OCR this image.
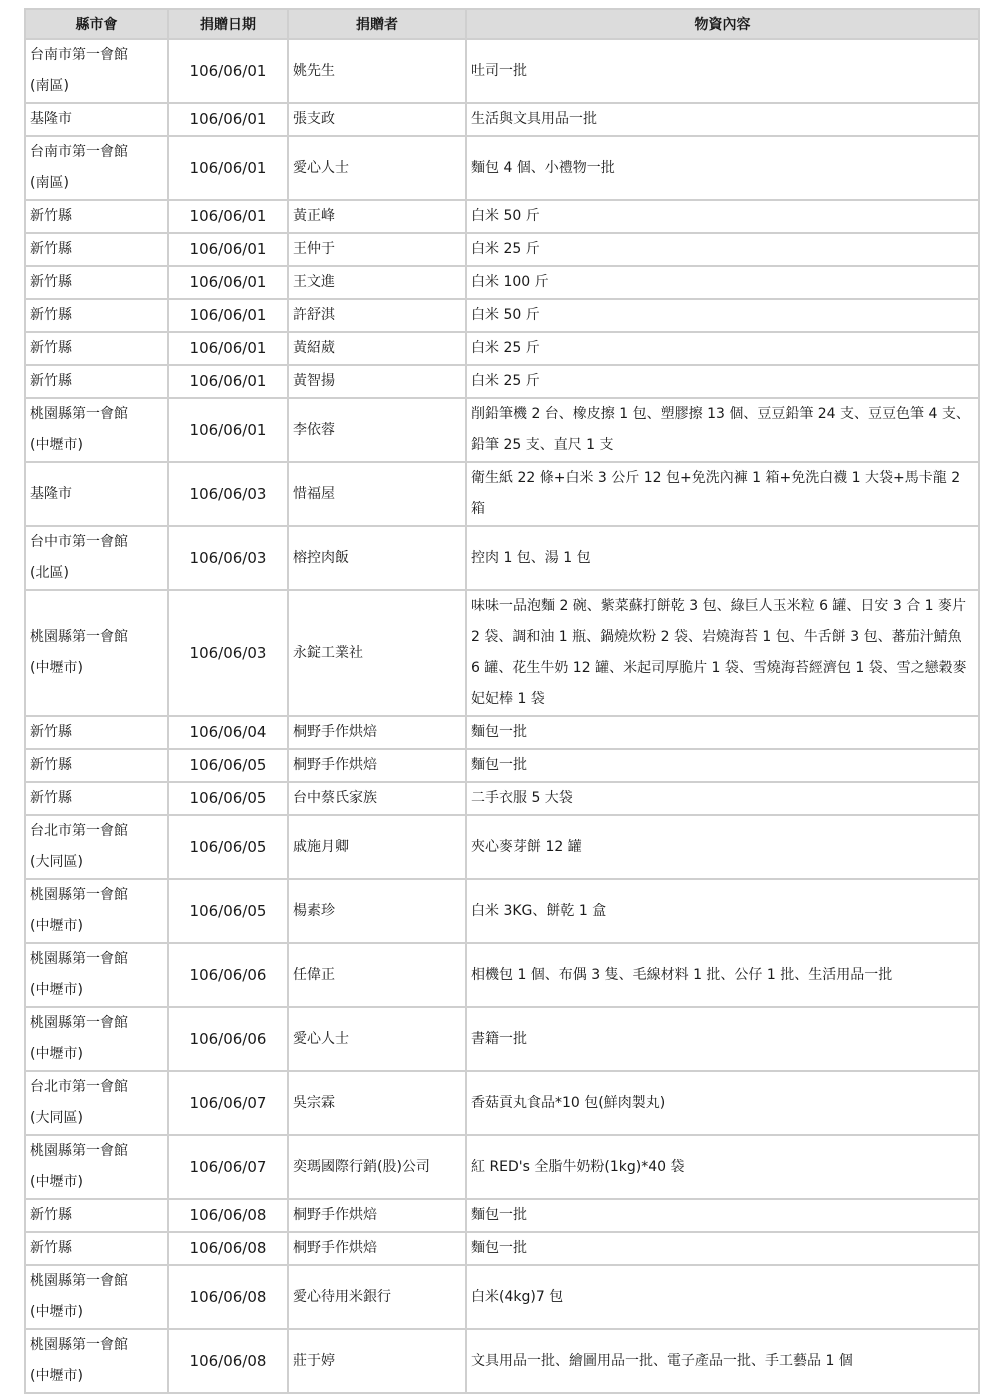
縣市會	捐贈日期	捐贈者	物資內容

台南市第一會館
(南區)	106/06/01	姚先生	吐司一批

基隆市	106/06/01	張支政	生活與文具用品一批

台南市第一會館
(南區)	106/06/01	愛心人士	麵包 4 個、小禮物一批

新竹縣	106/06/01	黃正峰	白米 50 斤

新竹縣	106/06/01	王仲于	白米 25 斤

新竹縣	106/06/01	王文進	白米 100 斤

新竹縣	106/06/01	許舒淇	白米 50 斤

新竹縣	106/06/01	黃紹葳	白米 25 斤

新竹縣	106/06/01	黃智揚	白米 25 斤

桃園縣第一會館
(中壢市)	106/06/01	李依蓉	削鉛筆機 2 台、橡皮擦 1 包、塑膠擦 13 個、豆豆鉛筆 24 支、豆豆色筆 4 支、鉛筆 25 支、直尺 1 支

基隆市	106/06/03	惜福屋	衛生紙 22 條+白米 3 公斤 12 包+免洗內褲 1 箱+免洗白襪 1 大袋+馬卡龍 2 箱

台中市第一會館
(北區)	106/06/03	榕控肉飯	控肉 1 包、湯 1 包

桃園縣第一會館
(中壢市)	106/06/03	永錠工業社	味味一品泡麵 2 碗、紫菜蘇打餅乾 3 包、綠巨人玉米粒 6 罐、日安 3 合 1 麥片 2 袋、調和油 1 瓶、鍋燒炊粉 2 袋、岩燒海苔 1 包、牛舌餅 3 包、蕃茄汁鯖魚 6 罐、花生牛奶 12 罐、米起司厚脆片 1 袋、雪燒海苔經濟包 1 袋、雪之戀穀麥妃妃棒 1 袋

新竹縣	106/06/04	桐野手作烘焙	麵包一批

新竹縣	106/06/05	桐野手作烘焙	麵包一批

新竹縣	106/06/05	台中蔡氏家族	二手衣服 5 大袋

台北市第一會館
(大同區)	106/06/05	戚施月卿	夾心麥芽餅 12 罐

桃園縣第一會館
(中壢市)	106/06/05	楊素珍	白米 3KG、餅乾 1 盒

桃園縣第一會館
(中壢市)	106/06/06	任偉正	相機包 1 個、布偶 3 隻、毛線材料 1 批、公仔 1 批、生活用品一批

桃園縣第一會館
(中壢市)	106/06/06	愛心人士	書籍一批

台北市第一會館
(大同區)	106/06/07	吳宗霖	香菇貢丸食品*10 包(鮮肉製丸)

桃園縣第一會館
(中壢市)	106/06/07	奕瑪國際行銷(股)公司	紅 RED's 全脂牛奶粉(1kg)*40 袋

新竹縣	106/06/08	桐野手作烘焙	麵包一批

新竹縣	106/06/08	桐野手作烘焙	麵包一批

桃園縣第一會館
(中壢市)	106/06/08	愛心待用米銀行	白米(4kg)7 包

桃園縣第一會館
(中壢市)	106/06/08	莊于婷	文具用品一批、繪圖用品一批、電子產品一批、手工藝品 1 個
